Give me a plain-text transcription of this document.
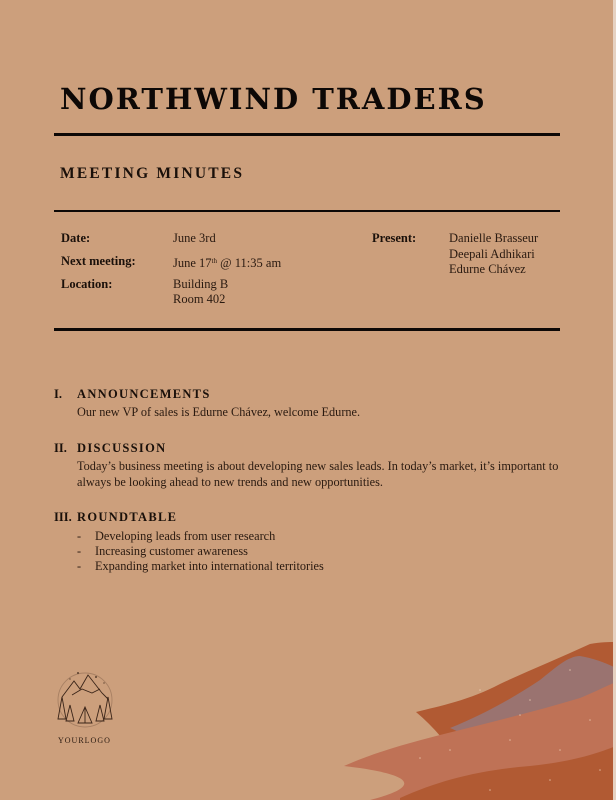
NORTHWIND TRADERS
MEETING MINUTES
Date:	June 3rd
Next meeting:	June 17th @ 11:35 am
Location:	Building B
Room 402
Present:	Danielle Brasseur
Deepali Adhikari
Edurne Chávez
I. ANNOUNCEMENTS
Our new VP of sales is Edurne Chávez, welcome Edurne.
II. DISCUSSION
Today’s business meeting is about developing new sales leads. In today’s market, it’s important to always be looking ahead to new trends and new opportunities.
III. ROUNDTABLE
- Developing leads from user research
- Increasing customer awareness
- Expanding market into international territories
YOURLOGO
